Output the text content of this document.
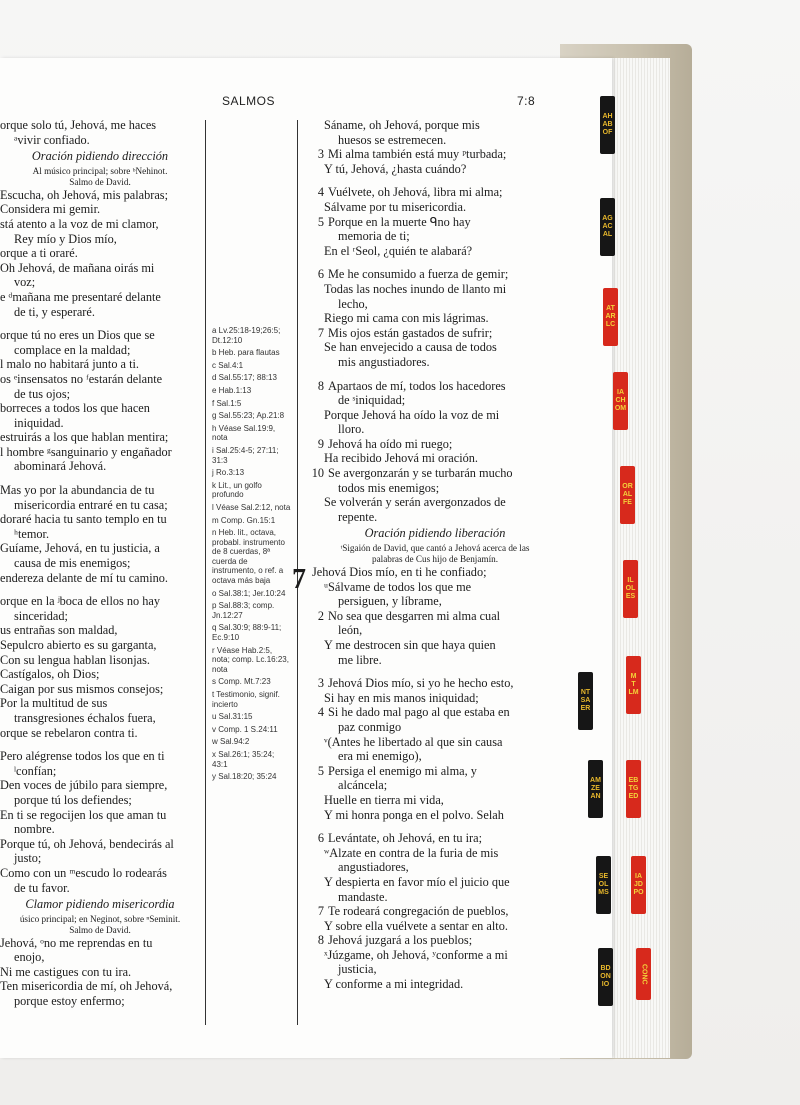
SALMOS	7:8

orque solo tú, Jehová, me haces

ᵃvivir confiado.

Oración pidiendo dirección

Al músico principal; sobre ᵇNehinot.

Salmo de David.

Escucha, oh Jehová, mis palabras;

Considera mi gemir.

stá atento a la voz de mi clamor,

Rey mío y Dios mío,

orque a ti oraré.

Oh Jehová, de mañana oirás mi

voz;

e ᵈmañana me presentaré delante

de ti, y esperaré.

orque tú no eres un Dios que se

complace en la maldad;

l malo no habitará junto a ti.

os ᵉinsensatos no ᶠestarán delante

de tus ojos;

borreces a todos los que hacen

iniquidad.

estruirás a los que hablan mentira;

l hombre ᵍsanguinario y engañador

abominará Jehová.

Mas yo por la abundancia de tu

misericordia entraré en tu casa;

dorаré hacia tu santo templo en tu

ʰtemor.

Guíame, Jehová, en tu justicia, a

causa de mis enemigos;

endereza delante de mí tu camino.

orque en la ʲboca de ellos no hay

sinceridad;

us entrañas son maldad,

Sepulcro abierto es su garganta,

Con su lengua hablan lisonjas.

Castígalos, oh Dios;

Caigan por sus mismos consejos;

Por la multitud de sus

transgresiones échalos fuera,

orque se rebelaron contra ti.

Pero alégrense todos los que en ti

ˡconfían;

Den voces de júbilo para siempre,

porque tú los defiendes;

En ti se regocijen los que aman tu

nombre.

Porque tú, oh Jehová, bendecirás al

justo;

Como con un ᵐescudo lo rodearás

de tu favor.

Clamor pidiendo misericordia

úsico principal; en Neginot, sobre ⁿSeminit.

Salmo de David.

Jehová, ᵒno me reprendas en tu

enojo,

Ni me castigues con tu ira.

Ten misericordia de mí, oh Jehová,

porque estoy enfermo;

a Lv.25:18-19;26:5; Dt.12:10

b Heb. para flautas

c Sal.4:1

d Sal.55:17; 88:13

e Hab.1:13

f Sal.1:5

g Sal.55:23; Ap.21:8

h Véase Sal.19:9, nota

i Sal.25:4-5; 27:11; 31:3

j Ro.3:13

k Lit., un golfo profundo

l Véase Sal.2:12, nota

m Comp. Gn.15:1

n Heb. lit., octava, probabl. instrumento de 8 cuerdas, 8ª cuerda de instrumento, o ref. a octava más baja

o Sal.38:1; Jer.10:24

p Sal.88:3; comp. Jn.12:27

q Sal.30:9; 88:9-11; Ec.9:10

r Véase Hab.2:5, nota; comp. Lc.16:23, nota

s Comp. Mt.7:23

t Testimonio, signif. incierto

u Sal.31:15

v Comp. 1 S.24:11

w Sal.94:2

x Sal.26:1; 35:24; 43:1

y Sal.18:20; 35:24

Sáname, oh Jehová, porque mis

huesos se estremecen.

3 Mi alma también está muy ᵖturbada;

Y tú, Jehová, ¿hasta cuándo?

4 Vuélvete, oh Jehová, libra mi alma;

Sálvame por tu misericordia.

5 Porque en la muerte ᑫno hay

memoria de ti;

En el ʳSeol, ¿quién te alabará?

6 Me he consumido a fuerza de gemir;

Todas las noches inundo de llanto mi

lecho,

Riego mi cama con mis lágrimas.

7 Mis ojos están gastados de sufrir;

Se han envejecido a causa de todos

mis angustiadores.

8 Apartaos de mí, todos los hacedores

de ˢiniquidad;

Porque Jehová ha oído la voz de mi

lloro.

9 Jehová ha oído mi ruego;

Ha recibido Jehová mi oración.

10 Se avergonzarán y se turbarán mucho

todos mis enemigos;

Se volverán y serán avergonzados de

repente.

Oración pidiendo liberación

ᵗSigaión de David, que cantó a Jehová acerca de las

palabras de Cus hijo de Benjamín.

7 Jehová Dios mío, en ti he confiado;

ᵘSálvame de todos los que me

persiguen, y líbrame,

2 No sea que desgarren mi alma cual

león,

Y me destrocen sin que haya quien

me libre.

3 Jehová Dios mío, si yo he hecho esto,

Si hay en mis manos iniquidad;

4 Si he dado mal pago al que estaba en

paz conmigo

ᵛ(Antes he libertado al que sin causa

era mi enemigo),

5 Persiga el enemigo mi alma, y

alcáncela;

Huelle en tierra mi vida,

Y mi honra ponga en el polvo. Selah

6 Levántate, oh Jehová, en tu ira;

ʷAlzate en contra de la furia de mis

angustiadores,

Y despierta en favor mío el juicio que

mandaste.

7 Te rodeará congregación de pueblos,

Y sobre ella vuélvete a sentar en alto.

8 Jehová juzgará a los pueblos;

ˣJúzgame, oh Jehová, ʸconforme a mi

justicia,

Y conforme a mi integridad.

AH
AB
OF
AG
AC
AL
AT
AR
LC
IA
CH
OM
OR
AL
FE
IL
OL
ES
M
T
LM
NT
SA
ER
AM
ZE
AN
EB
TG
ED
SE
OL
MS
IA
JD
PO
BD
ON
IO
CONC
